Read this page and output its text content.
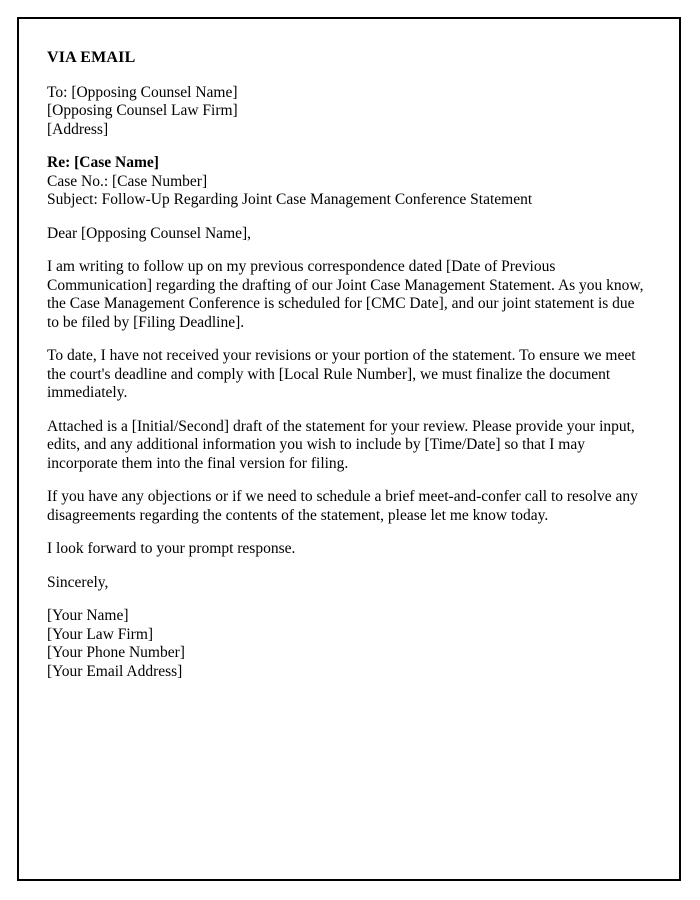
VIA EMAIL

To: [Opposing Counsel Name]

[Opposing Counsel Law Firm]

[Address]

Re: [Case Name]

Case No.: [Case Number]

Subject: Follow-Up Regarding Joint Case Management Conference Statement

Dear [Opposing Counsel Name],

I am writing to follow up on my previous correspondence dated [Date of Previous Communication] regarding the drafting of our Joint Case Management Statement. As you know, the Case Management Conference is scheduled for [CMC Date], and our joint statement is due to be filed by [Filing Deadline].

To date, I have not received your revisions or your portion of the statement. To ensure we meet the court's deadline and comply with [Local Rule Number], we must finalize the document immediately.

Attached is a [Initial/Second] draft of the statement for your review. Please provide your input, edits, and any additional information you wish to include by [Time/Date] so that I may incorporate them into the final version for filing.

If you have any objections or if we need to schedule a brief meet-and-confer call to resolve any disagreements regarding the contents of the statement, please let me know today.

I look forward to your prompt response.

Sincerely,

[Your Name]

[Your Law Firm]

[Your Phone Number]

[Your Email Address]
